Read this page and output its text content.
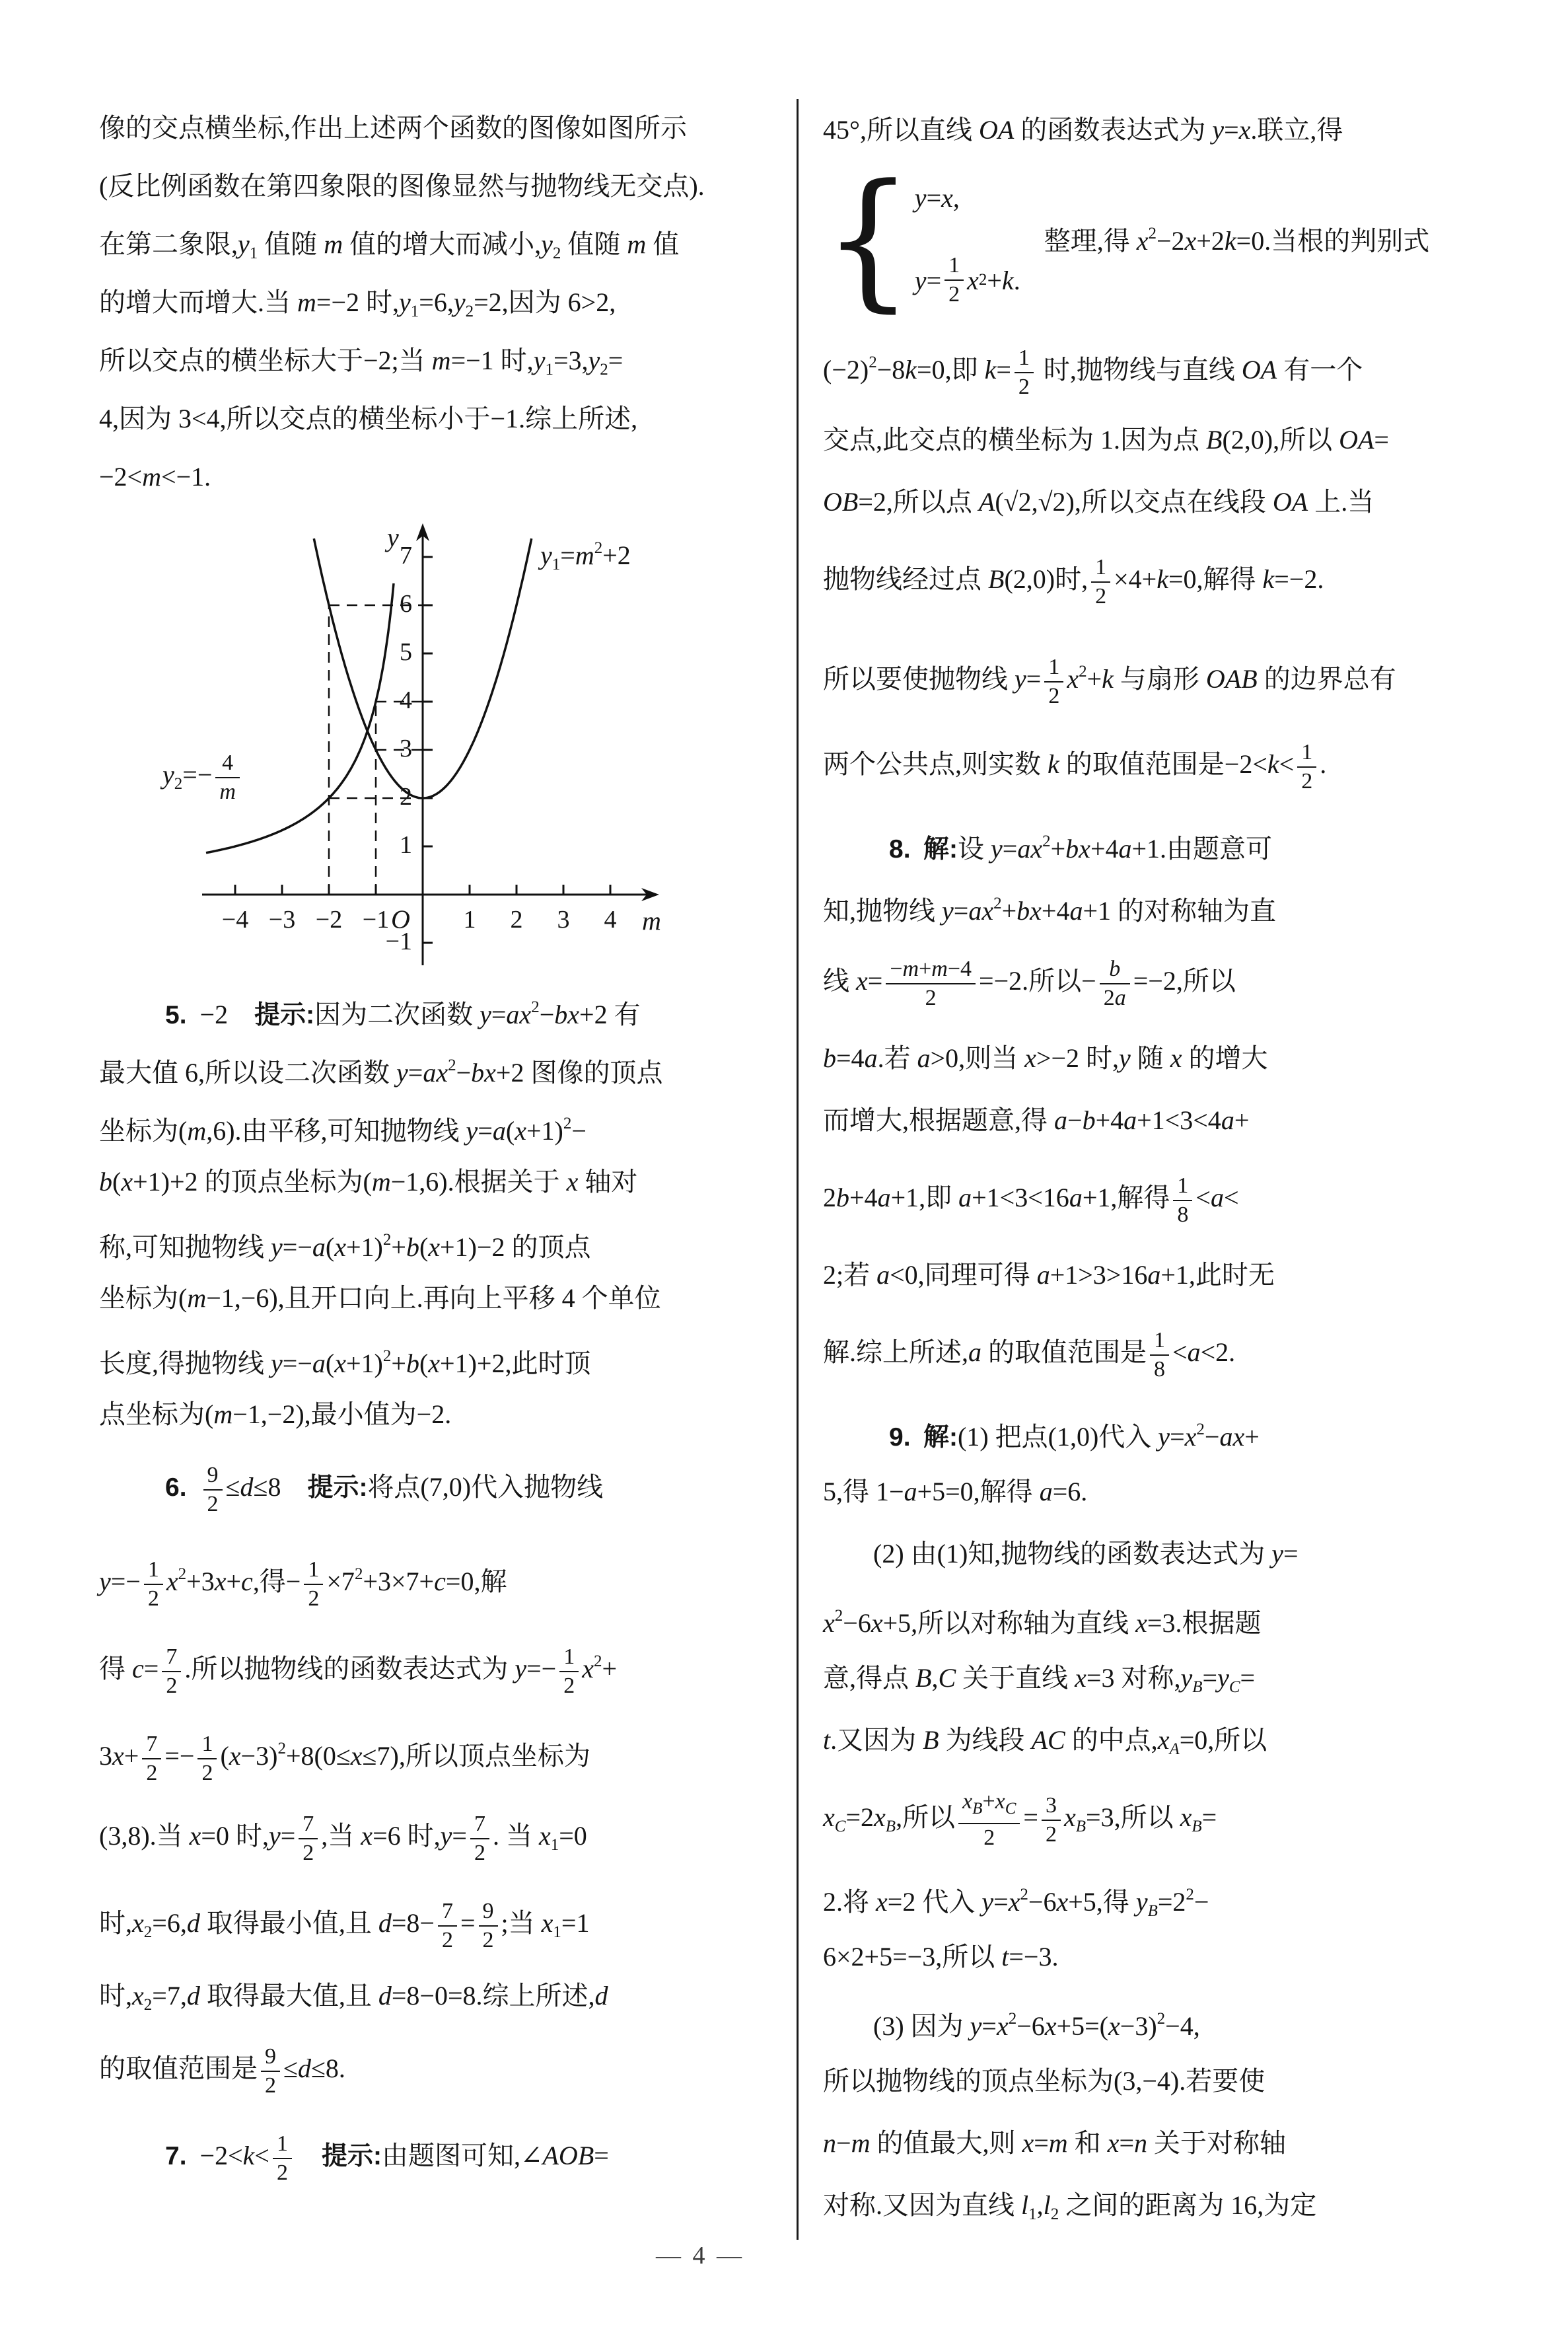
像的交点横坐标,作出上述两个函数的图像如图所示
(反比例函数在第四象限的图像显然与抛物线无交点).
在第二象限$,y_1$ 值随 m 值的增大而减小$,y_2$ 值随 m 值
的增大而增大.当 m=−2 时$,y_1=6,y_2=2$,因为 6>2,
所以交点的横坐标大于−2;当 m=−1 时$,y_1=3,y_2=$
4,因为 3<4,所以交点的横坐标小于−1.综上所述,
−2<m<−1.
−4 −3 −2 −1	1	2	3	4
7
6
5
4
3
2
1
−1
O	m
y
$y_1=m^2+2$
$y_2=- \frac{4}{m}$
5. −2 提示:因为二次函数 $y=ax^2-bx+2$ 有
最大值 6,所以设二次函数 $y=ax^2-bx+2$ 图像的顶点
坐标为(m,6).由平移,可知抛物线 $y=a(x+1)^2-$
b(x+1)+2 的顶点坐标为(m−1,6).根据关于 x 轴对
称,可知抛物线 $y=-a(x+1)^2+b(x+1)-2$ 的顶点
坐标为(m−1,−6),且开口向上.再向上平移 4 个单位
长度,得抛物线 $y=-a(x+1)^2+b(x+1)+2$,此时顶
点坐标为(m−1,−2),最小值为−2.
6.  $\frac{9}{2} \le d\le 8$ 提示:将点(7,0)代入抛物线
$y=- \frac{1}{2} x^2+3x+c$,得− $\frac{1}{2} \times 7^2+3\times 7+c=0$,解
得 $c= \frac{7}{2}$ .所以抛物线的函数表达式为 $y=- \frac{1}{2} x^2+$
$3x+ \frac{7}{2} =- \frac{1}{2} (x-3)^2+8(0\le x\le 7)$,所以顶点坐标为
(3,8).当 x=0 时$,y= \frac{7}{2}$ ,当 x=6 时$,y= \frac{7}{2}$ . 当 $x_1=0$
时$,x_2=6,d$ 取得最小值,且 $d=8- \frac{7}{2} = \frac{9}{2}$ ;当 $x_1=1$
时$,x_2=7,d$ 取得最大值,且 d=8−0=8.综上所述,d
的取值范围是 $\frac{9}{2} \le d\le 8$.
7. $-2<k< \frac{1}{2}$
  提示:由题图可知,∠AOB=
45°,所以直线 OA 的函数表达式为 y=x.联立,得
{ y = x ,
$y = \frac{1}{2}$ x 2 + k .
整理,得 $x^2-2x+2k=0$.当根的判别式
$(-2)^2-8k=0$,即 $k= \frac{1}{2}$ 时,抛物线与直线 OA 有一个
交点,此交点的横坐标为 1.因为点 B(2,0),所以 OA=
OB=2,所以点 A(√2,√2),所以交点在线段 OA 上.当
抛物线经过点 B(2,0)时, $\frac{1}{2} \times 4+k=0$,解得 k=−2.
所以要使抛物线 $y= \frac{1}{2} x^2+k$ 与扇形 OAB 的边界总有
两个公共点,则实数 k 的取值范围是$-2<k< \frac{1}{2}$ .
8. 解:设 $y=ax^2+bx+4a+1$.由题意可
知,抛物线 $y=ax^2+bx+4a+1$ 的对称轴为直
线 $x= \frac{-m+m-4}{2} =-2$.所以− $\frac{b}{2a} =-2$,所以
b=4a.若 a>0,则当 x>−2 时,y 随 x 的增大
而增大,根据题意,得 a−b+4a+1<3<4a+
2b+4a+1,即 a+1<3<16a+1,解得 $\frac{1}{8} <a<$
2;若 a<0,同理可得 a+1>3>16a+1,此时无
解.综上所述,a 的取值范围是 $\frac{1}{8} <a<2$.
9. 解:(1) 把点(1,0)代入 $y=x^2-ax+$
5,得 1−a+5=0,解得 a=6.
(2) 由(1)知,抛物线的函数表达式为 y=
$x^2-6x+5$,所以对称轴为直线 x=3.根据题
意,得点 B,C 关于直线 x=3 对称$,y_B=y_C=$
t.又因为 B 为线段 AC 的中点$,x_A=0$,所以
$x_C=2x_B$,所以 $\frac{x_B+x_C}{2} = \frac{3}{2} x_B=3$,所以 $x_B=$
2.将 x=2 代入 $y=x^2-6x+5$,得 $y_B=2^2-$
6×2+5=−3,所以 t=−3.
(3) 因为 $y=x^2-6x+5=(x-3)^2-4$,
所以抛物线的顶点坐标为(3,−4).若要使
n−m 的值最大,则 x=m 和 x=n 关于对称轴
对称.又因为直线 $l_1,l_2$ 之间的距离为 16,为定
— 4 —
